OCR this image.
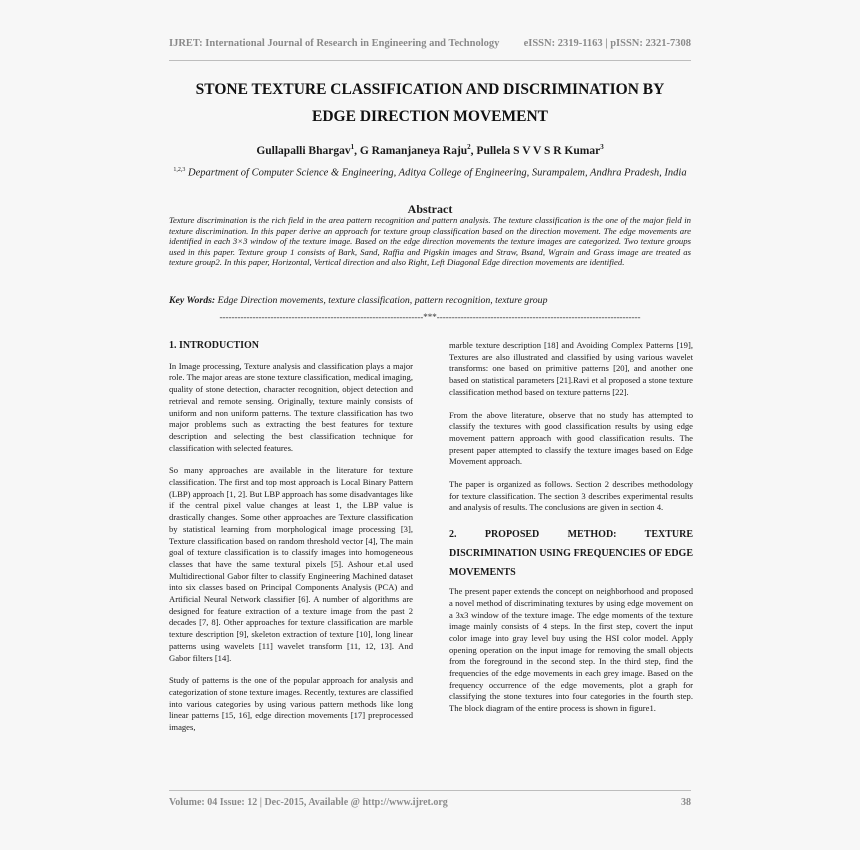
IJRET: International Journal of Research in Engineering and Technology eISSN: 2319-1163 | pISSN: 2321-7308
STONE TEXTURE CLASSIFICATION AND DISCRIMINATION BY
EDGE DIRECTION MOVEMENT
Gullapalli Bhargav$^1$, G Ramanjaneya Raju$^2$, Pullela S V V S R Kumar$^3$
$^{1,2,3}$ Department of Computer Science & Engineering, Aditya College of Engineering, Surampalem, Andhra Pradesh, India
Abstract
Texture discrimination is the rich field in the area pattern recognition and pattern analysis. The texture classification is the one of the major field in texture discrimination. In this paper derive an approach for texture group classification based on the direction movement. The edge movements are identified in each 3×3 window of the texture image. Based on the edge direction movements the texture images are categorized. Two texture groups used in this paper. Texture group 1 consists of Bark, Sand, Raffia and Pigskin images and Straw, Bsand, Wgrain and Grass image are treated as texture group2. In this paper, Horizontal, Vertical direction and also Right, Left Diagonal Edge direction movements are identified.
Key Words: Edge Direction movements, texture classification, pattern recognition, texture group
--------------------------------------------------------------------***--------------------------------------------------------------------
1. INTRODUCTION

In Image processing, Texture analysis and classification plays a major role. The major areas are stone texture classification, medical imaging, quality of stone detection, character recognition, object detection and retrieval and remote sensing. Originally, texture mainly consists of uniform and non uniform patterns. The texture classification has two major problems such as extracting the best features for texture description and selecting the best classification technique for classification with selected features.

So many approaches are available in the literature for texture classification. The first and top most approach is Local Binary Pattern (LBP) approach [1, 2]. But LBP approach has some disadvantages like if the central pixel value changes at least 1, the LBP value is drastically changes. Some other approaches are Texture classification by statistical learning from morphological image processing [3], Texture classification based on random threshold vector [4], The main goal of texture classification is to classify images into homogeneous classes that have the same textural pixels [5]. Ashour et.al used Multidirectional Gabor filter to classify Engineering Machined dataset into six classes based on Principal Components Analysis (PCA) and Artificial Neural Network classifier [6]. A number of algorithms are designed for feature extraction of a texture image from the past 2 decades [7, 8]. Other approaches for texture classification are marble texture description [9], skeleton extraction of texture [10], long linear patterns using wavelets [11] wavelet transform [11, 12, 13]. And Gabor filters [14].

Study of patterns is the one of the popular approach for analysis and categorization of stone texture images. Recently, textures are classified into various categories by using various pattern methods like long linear patterns [15, 16], edge direction movements [17] preprocessed images,

marble texture description [18] and Avoiding Complex Patterns [19], Textures are also illustrated and classified by using various wavelet transforms: one based on primitive patterns [20], and another one based on statistical parameters [21].Ravi et al proposed a stone texture classification method based on texture patterns [22].

From the above literature, observe that no study has attempted to classify the textures with good classification results by using edge movement pattern approach with good classification results. The present paper attempted to classify the texture images based on Edge Movement approach.

The paper is organized as follows. Section 2 describes methodology for texture classification. The section 3 describes experimental results and analysis of results. The conclusions are given in section 4.

2. PROPOSED METHOD: TEXTURE DISCRIMINATION USING FREQUENCIES OF EDGE MOVEMENTS

The present paper extends the concept on neighborhood and proposed a novel method of discriminating textures by using edge movement on a 3x3 window of the texture image. The edge moments of the texture image mainly consists of 4 steps. In the first step, covert the input color image into gray level buy using the HSI color model. Apply opening operation on the input image for removing the small objects from the foreground in the second step. In the third step, find the frequencies of the edge movements in each grey image. Based on the frequency occurrence of the edge movements, plot a graph for classifying the stone textures into four categories in the fourth step. The block diagram of the entire process is shown in figure1.

Volume: 04 Issue: 12 | Dec-2015, Available @ http://www.ijret.org	38
